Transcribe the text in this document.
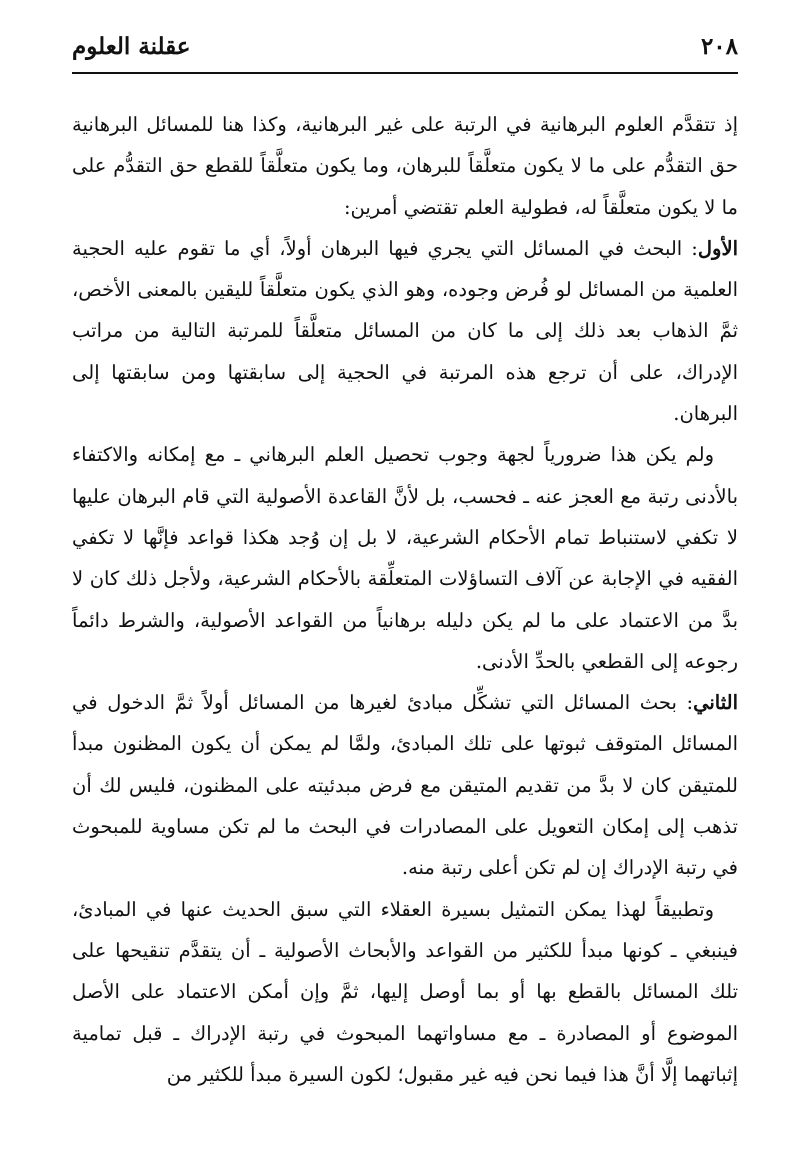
٢٠٨
عقلنة العلوم

إذ تتقدَّم العلوم البرهانية في الرتبة على غير البرهانية، وكذا هنا للمسائل البرهانية حق التقدُّم على ما لا يكون متعلَّقاً للبرهان، وما يكون متعلَّقاً للقطع حق التقدُّم على ما لا يكون متعلَّقاً له، فطولية العلم تقتضي أمرين:

الأول: البحث في المسائل التي يجري فيها البرهان أولاً، أي ما تقوم عليه الحجية العلمية من المسائل لو فُرض وجوده، وهو الذي يكون متعلَّقاً لليقين بالمعنى الأخص، ثمَّ الذهاب بعد ذلك إلى ما كان من المسائل متعلَّقاً للمرتبة التالية من مراتب الإدراك، على أن ترجع هذه المرتبة في الحجية إلى سابقتها ومن سابقتها إلى البرهان.

ولم يكن هذا ضرورياً لجهة وجوب تحصيل العلم البرهاني ـ مع إمكانه والاكتفاء بالأدنى رتبة مع العجز عنه ـ فحسب، بل لأنَّ القاعدة الأصولية التي قام البرهان عليها لا تكفي لاستنباط تمام الأحكام الشرعية، لا بل إن وُجد هكذا قواعد فإنَّها لا تكفي الفقيه في الإجابة عن آلاف التساؤلات المتعلِّقة بالأحكام الشرعية، ولأجل ذلك كان لا بدَّ من الاعتماد على ما لم يكن دليله برهانياً من القواعد الأصولية، والشرط دائماً رجوعه إلى القطعي بالحدِّ الأدنى.

الثاني: بحث المسائل التي تشكِّل مبادئ لغيرها من المسائل أولاً ثمَّ الدخول في المسائل المتوقف ثبوتها على تلك المبادئ، ولمَّا لم يمكن أن يكون المظنون مبدأ للمتيقن كان لا بدَّ من تقديم المتيقن مع فرض مبدئيته على المظنون، فليس لك أن تذهب إلى إمكان التعويل على المصادرات في البحث ما لم تكن مساوية للمبحوث في رتبة الإدراك إن لم تكن أعلى رتبة منه.

وتطبيقاً لهذا يمكن التمثيل بسيرة العقلاء التي سبق الحديث عنها في المبادئ، فينبغي ـ كونها مبدأ للكثير من القواعد والأبحاث الأصولية ـ أن يتقدَّم تنقيحها على تلك المسائل بالقطع بها أو بما أوصل إليها، ثمَّ وإن أمكن الاعتماد على الأصل الموضوع أو المصادرة ـ مع مساواتهما المبحوث في رتبة الإدراك ـ قبل تمامية إثباتهما إلَّا أنَّ هذا فيما نحن فيه غير مقبول؛ لكون السيرة مبدأ للكثير من
